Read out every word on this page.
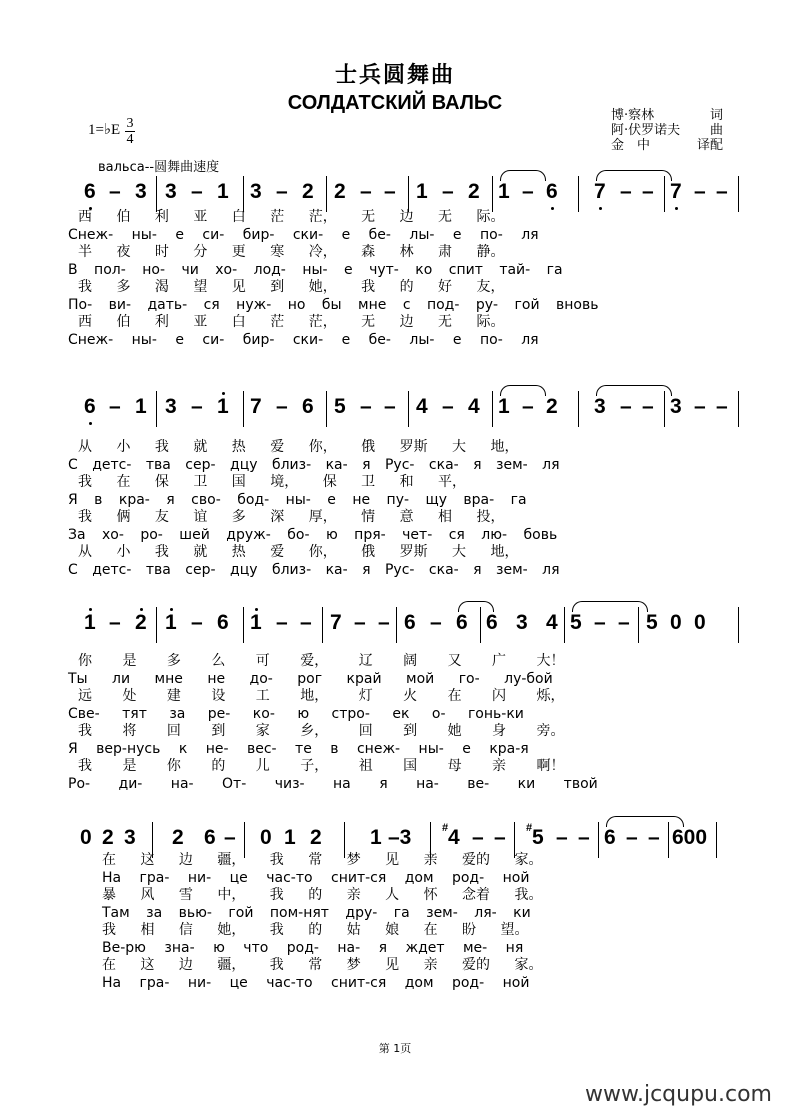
士兵圆舞曲
СОЛДАТСКИЙ ВАЛЬС
博·察林	词
阿·伏罗诺夫 曲
金　中	译配
1=♭E 3
4
вальса--圆舞曲速度
6 – 3 3 – 1 3 – 2 2 – – 1 – 2 1 – 6 7 – – 7 – –
西 伯 利 亚 白 茫 茫， 无 边 无 际。
Снеж- ны- е си- бир- ски- е бе- лы- е по- ля
半 夜 时 分 更 寒 冷， 森 林 肃 静。
В пол- но- чи хо- лод- ны- е чут- ко спит тай- га
我 多 渴 望 见 到 她， 我 的 好 友，
По- ви- дать- ся нуж- но бы мне с под- ру- гой вновь
西 伯 利 亚 白 茫 茫， 无 边 无 际。
Снеж- ны- е си- бир- ски- е бе- лы- е по- ля
6 – 1 3 – 1 7 – 6 5 – – 4 – 4 1 – 2 3 – – 3 – –
从 小 我 就 热 爱 你， 俄 罗斯 大 地，
С детс- тва сер- дцу близ- ка- я Рус- ска- я зем- ля
我 在 保 卫 国 境， 保 卫 和 平，
Я в кра- я сво- бод- ны- е не пу- щу вра- га
我 俩 友 谊 多 深 厚， 情 意 相 投，
За хо- ро- шей друж- бо- ю пря- чет- ся лю- бовь
从 小 我 就 热 爱 你， 俄 罗斯 大 地，
С детс- тва сер- дцу близ- ка- я Рус- ска- я зем- ля
1 – 2 1 – 6 1 – – 7 – – 6 – 6 6 3 4 5 – – 5 0 0
你 是 多 么 可 爱， 辽 阔 又 广 大！
Ты ли мне не до- рог край мой го- лу-бой
远 处 建 设 工 地， 灯 火 在 闪 烁，
Све- тят за ре- ко- ю стро- ек о- гонь-ки
我 将 回 到 家 乡， 回 到 她 身 旁。
Я вер-нусь к не- вес- те в снеж- ны- е кра-я
我 是 你 的 儿 子， 祖 国 母 亲 啊！
Ро- ди- на- От- чиз- на я на- ве- ки твой
0 2 3 2 6 – 0 1 2 1 –3	# 4 – – # 5 – – 6 – – 600
在 这 边 疆， 我 常 梦 见 亲 爱的 家。
На гра- ни- це час-то снит-ся дом род- ной
暴 风 雪 中， 我 的 亲 人 怀 念着 我。
Там за вью- гой пом-нят дру- га зем- ля- ки
我 相 信 她， 我 的 姑 娘 在 盼 望。
Ве-рю зна- ю что род- на- я ждет ме- ня
在 这 边 疆， 我 常 梦 见 亲 爱的 家。
На гра- ни- це час-то снит-ся дом род- ной
第 1页
www.jcqupu.com
